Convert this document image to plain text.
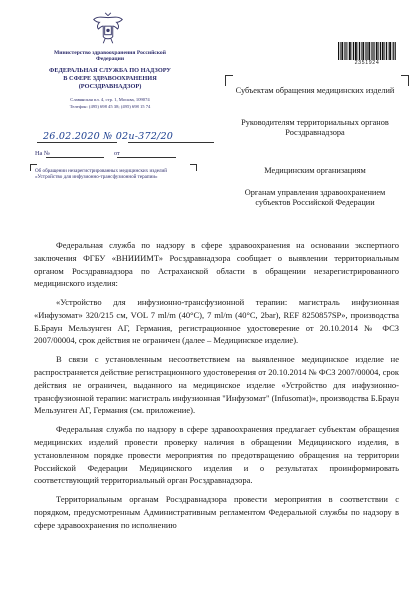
Министерство здравоохранения Российской Федерации
ФЕДЕРАЛЬНАЯ СЛУЖБА ПО НАДЗОРУ
В СФЕРЕ ЗДРАВООХРАНЕНИЯ
(РОСЗДРАВНАДЗОР)
Славянская пл. 4, стр. 1, Москва, 109074
Телефон: (495) 698 45 38; (495) 698 15 74
26.02.2020 № 02и-372/20
На №	от
Об обращении незарегистрированных медицинских изделий «Устройство для инфузионно-трансфузионной терапии»
2351924
Субъектам обращения медицинских изделий
Руководителям территориальных органов Росздравнадзора
Медицинским организациям
Органам управления здравоохранением субъектов Российской Федерации

Федеральная служба по надзору в сфере здравоохранения на основании экспертного заключения ФГБУ «ВНИИИМТ» Росздравнадзора сообщает о выявлении территориальным органом Росздравнадзора по Астраханской области в обращении незарегистрированного медицинского изделия:

«Устройство для инфузионно-трансфузионной терапии: магистраль инфузионная «Инфузомат» 320/215 см, VOL 7 ml/m (40°C), 7 ml/m (40°C, 2bar), REF 8250857SP», производства Б.Браун Мельзунген АГ, Германия, регистрационное удостоверение от 20.10.2014 № ФСЗ 2007/00004, срок действия не ограничен (далее – Медицинское изделие).

В связи с установленным несоответствием на выявленное медицинское изделие не распространяется действие регистрационного удостоверения от 20.10.2014 № ФСЗ 2007/00004, срок действия не ограничен, выданного на медицинское изделие «Устройство для инфузионно-трансфузионной терапии: магистраль инфузионная "Инфузомат" (Infusomat)», производства Б.Браун Мельзунген АГ, Германия (см. приложение).

Федеральная служба по надзору в сфере здравоохранения предлагает субъектам обращения медицинских изделий провести проверку наличия в обращении Медицинского изделия, в установленном порядке провести мероприятия по предотвращению обращения на территории Российской Федерации Медицинского изделия и о результатах проинформировать соответствующий территориальный орган Росздравнадзора.

Территориальным органам Росздравнадзора провести мероприятия в соответствии с порядком, предусмотренным Административным регламентом Федеральной службы по надзору в сфере здравоохранения по исполнению
